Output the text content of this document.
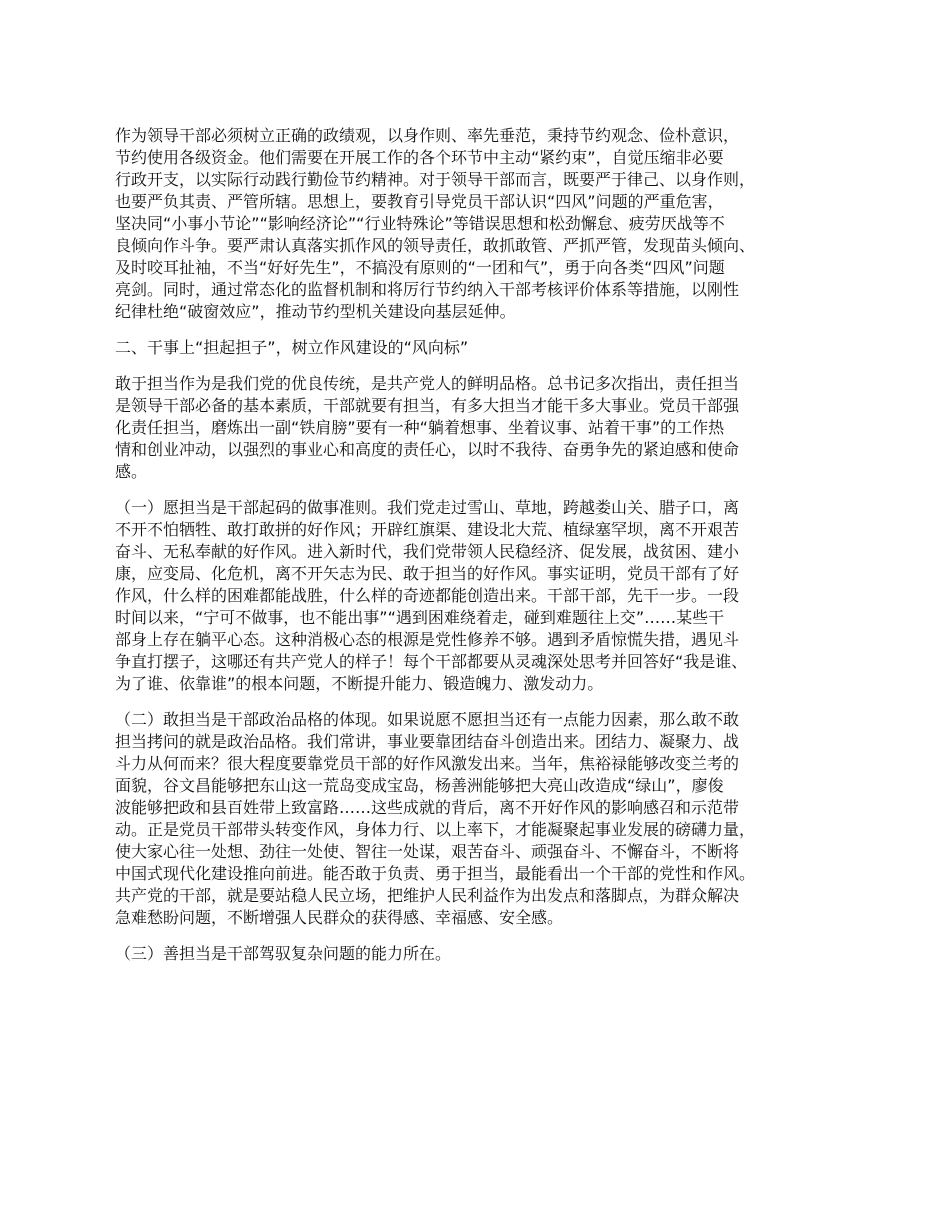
作为领导干部必须树立正确的政绩观，以身作则、率先垂范，秉持节约观念、俭朴意识，
节约使用各级资金。他们需要在开展工作的各个环节中主动“紧约束”，自觉压缩非必要
行政开支，以实际行动践行勤俭节约精神。对于领导干部而言，既要严于律己、以身作则，
也要严负其责、严管所辖。思想上，要教育引导党员干部认识“四风”问题的严重危害，
坚决同“小事小节论”“影响经济论”“行业特殊论”等错误思想和松劲懈怠、疲劳厌战等不
良倾向作斗争。要严肃认真落实抓作风的领导责任，敢抓敢管、严抓严管，发现苗头倾向、
及时咬耳扯袖，不当“好好先生”，不搞没有原则的“一团和气”，勇于向各类“四风”问题
亮剑。同时，通过常态化的监督机制和将厉行节约纳入干部考核评价体系等措施，以刚性
纪律杜绝“破窗效应”，推动节约型机关建设向基层延伸。
二、干事上“担起担子”，树立作风建设的“风向标”
敢于担当作为是我们党的优良传统，是共产党人的鲜明品格。总书记多次指出，责任担当
是领导干部必备的基本素质，干部就要有担当，有多大担当才能干多大事业。党员干部强
化责任担当，磨炼出一副“铁肩膀”要有一种“躺着想事、坐着议事、站着干事”的工作热
情和创业冲动，以强烈的事业心和高度的责任心，以时不我待、奋勇争先的紧迫感和使命
感。
（一）愿担当是干部起码的做事准则。我们党走过雪山、草地，跨越娄山关、腊子口，离
不开不怕牺牲、敢打敢拼的好作风；开辟红旗渠、建设北大荒、植绿塞罕坝，离不开艰苦
奋斗、无私奉献的好作风。进入新时代，我们党带领人民稳经济、促发展，战贫困、建小
康，应变局、化危机，离不开矢志为民、敢于担当的好作风。事实证明，党员干部有了好
作风，什么样的困难都能战胜，什么样的奇迹都能创造出来。干部干部，先干一步。一段
时间以来，“宁可不做事，也不能出事”“遇到困难绕着走，碰到难题往上交”……某些干
部身上存在躺平心态。这种消极心态的根源是党性修养不够。遇到矛盾惊慌失措，遇见斗
争直打摆子，这哪还有共产党人的样子！每个干部都要从灵魂深处思考并回答好“我是谁、
为了谁、依靠谁”的根本问题，不断提升能力、锻造魄力、激发动力。
（二）敢担当是干部政治品格的体现。如果说愿不愿担当还有一点能力因素，那么敢不敢
担当拷问的就是政治品格。我们常讲，事业要靠团结奋斗创造出来。团结力、凝聚力、战
斗力从何而来？很大程度要靠党员干部的好作风激发出来。当年，焦裕禄能够改变兰考的
面貌，谷文昌能够把东山这一荒岛变成宝岛，杨善洲能够把大亮山改造成“绿山”，廖俊
波能够把政和县百姓带上致富路……这些成就的背后，离不开好作风的影响感召和示范带
动。正是党员干部带头转变作风，身体力行、以上率下，才能凝聚起事业发展的磅礴力量，
使大家心往一处想、劲往一处使、智往一处谋，艰苦奋斗、顽强奋斗、不懈奋斗，不断将
中国式现代化建设推向前进。能否敢于负责、勇于担当，最能看出一个干部的党性和作风。
共产党的干部，就是要站稳人民立场，把维护人民利益作为出发点和落脚点，为群众解决
急难愁盼问题，不断增强人民群众的获得感、幸福感、安全感。
（三）善担当是干部驾驭复杂问题的能力所在。
